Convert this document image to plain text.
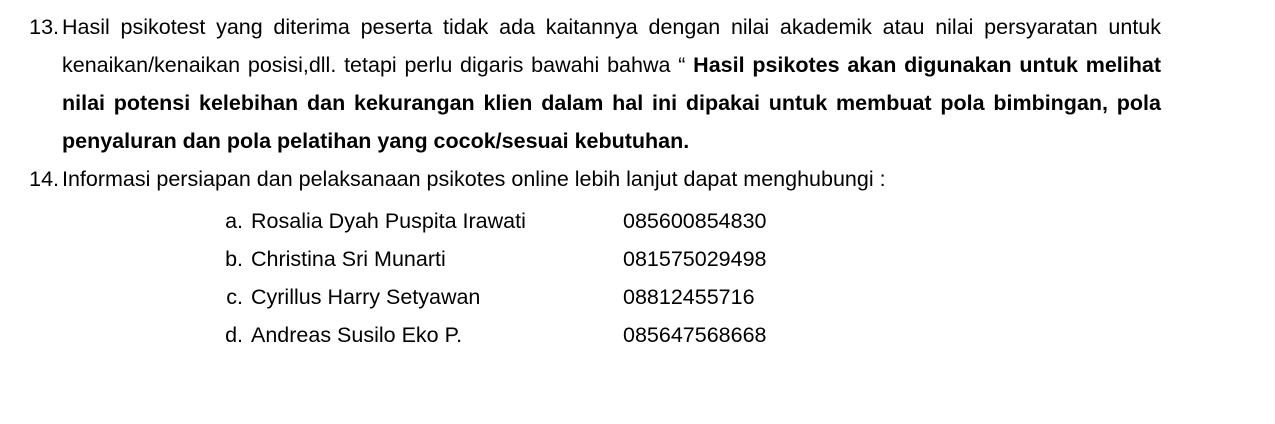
13. Hasil psikotest yang diterima peserta tidak ada kaitannya dengan nilai akademik atau nilai persyaratan untuk kenaikan/kenaikan posisi,dll. tetapi perlu digaris bawahi bahwa “ Hasil psikotes akan digunakan untuk melihat nilai potensi kelebihan dan kekurangan klien dalam hal ini dipakai untuk membuat pola bimbingan, pola penyaluran dan pola pelatihan yang cocok/sesuai kebutuhan.
14. Informasi persiapan dan pelaksanaan psikotes online lebih lanjut dapat menghubungi :
a. Rosalia Dyah Puspita Irawati	085600854830
b. Christina Sri Munarti	081575029498
c. Cyrillus Harry Setyawan	08812455716
d. Andreas Susilo Eko P.	085647568668
